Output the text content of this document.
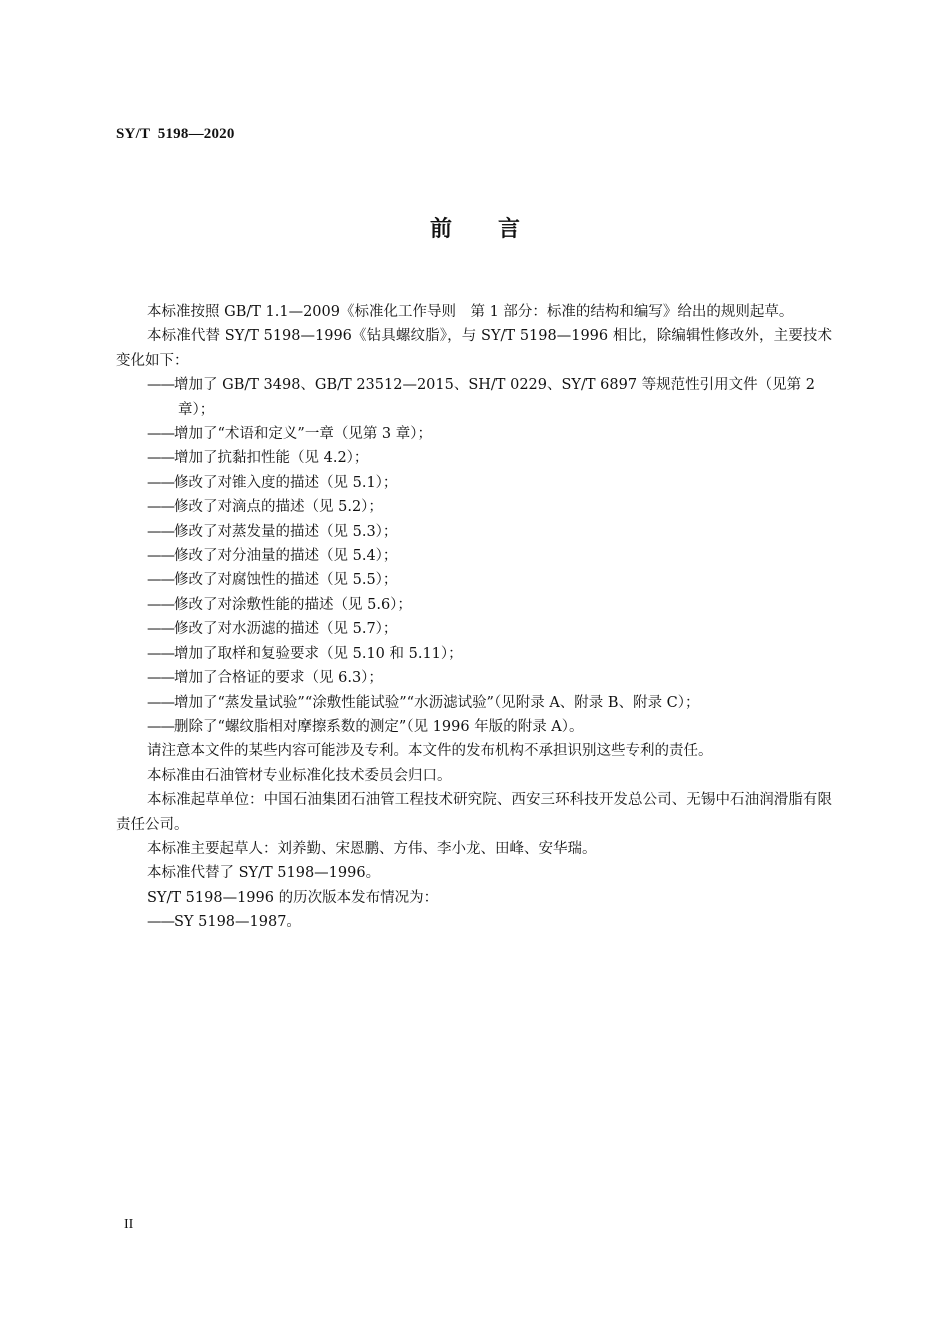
SY/T  5198—2020
前言

本标准按照 GB/T 1.1—2009《标准化工作导则　第 1 部分：标准的结构和编写》给出的规则起草。

本标准代替 SY/T 5198—1996《钻具螺纹脂》，与 SY/T 5198—1996 相比，除编辑性修改外，主要技术变化如下：

——增加了 GB/T 3498、GB/T 23512—2015、SH/T 0229、SY/T 6897 等规范性引用文件（见第 2 章）；

——增加了“术语和定义”一章（见第 3 章）；

——增加了抗黏扣性能（见 4.2）；

——修改了对锥入度的描述（见 5.1）；

——修改了对滴点的描述（见 5.2）；

——修改了对蒸发量的描述（见 5.3）；

——修改了对分油量的描述（见 5.4）；

——修改了对腐蚀性的描述（见 5.5）；

——修改了对涂敷性能的描述（见 5.6）；

——修改了对水沥滤的描述（见 5.7）；

——增加了取样和复验要求（见 5.10 和 5.11）；

——增加了合格证的要求（见 6.3）；

——增加了“蒸发量试验”“涂敷性能试验”“水沥滤试验”（见附录 A、附录 B、附录 C）；

——删除了“螺纹脂相对摩擦系数的测定”（见 1996 年版的附录 A）。

请注意本文件的某些内容可能涉及专利。本文件的发布机构不承担识别这些专利的责任。

本标准由石油管材专业标准化技术委员会归口。

本标准起草单位：中国石油集团石油管工程技术研究院、西安三环科技开发总公司、无锡中石油润滑脂有限责任公司。

本标准主要起草人：刘养勤、宋恩鹏、方伟、李小龙、田峰、安华瑞。

本标准代替了 SY/T 5198—1996。

SY/T 5198—1996 的历次版本发布情况为：

——SY 5198—1987。

II
